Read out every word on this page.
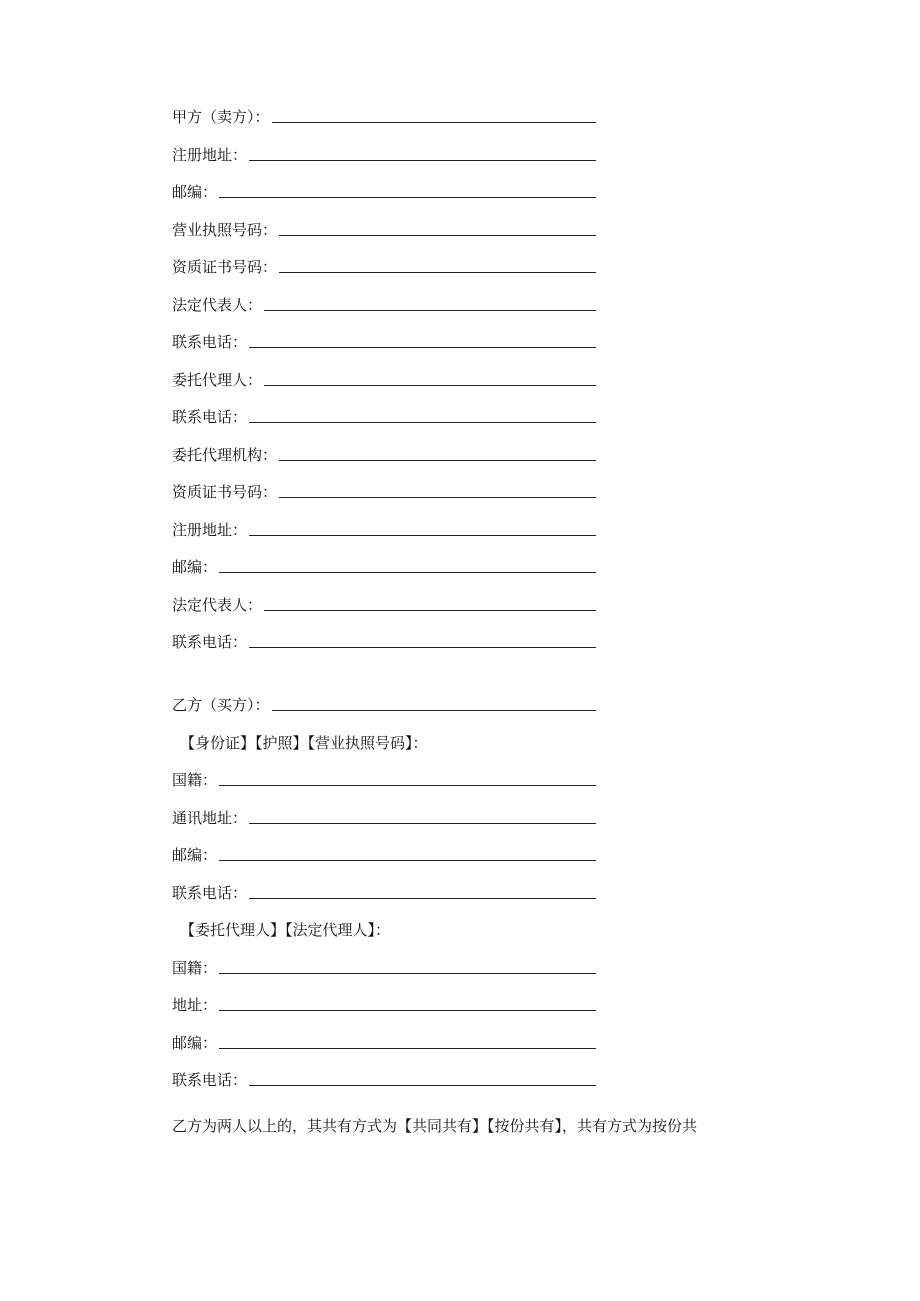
甲方（卖方）：
注册地址：
邮编：
营业执照号码：
资质证书号码：
法定代表人：
联系电话：
委托代理人：
联系电话：
委托代理机构：
资质证书号码：
注册地址：
邮编：
法定代表人：
联系电话：
乙方（买方）：
【身份证】【护照】【营业执照号码】：
国籍：
通讯地址：
邮编：
联系电话：
【委托代理人】【法定代理人】：
国籍：
地址：
邮编：
联系电话：
乙方为两人以上的，其共有方式为【共同共有】【按份共有】，共有方式为按份共
